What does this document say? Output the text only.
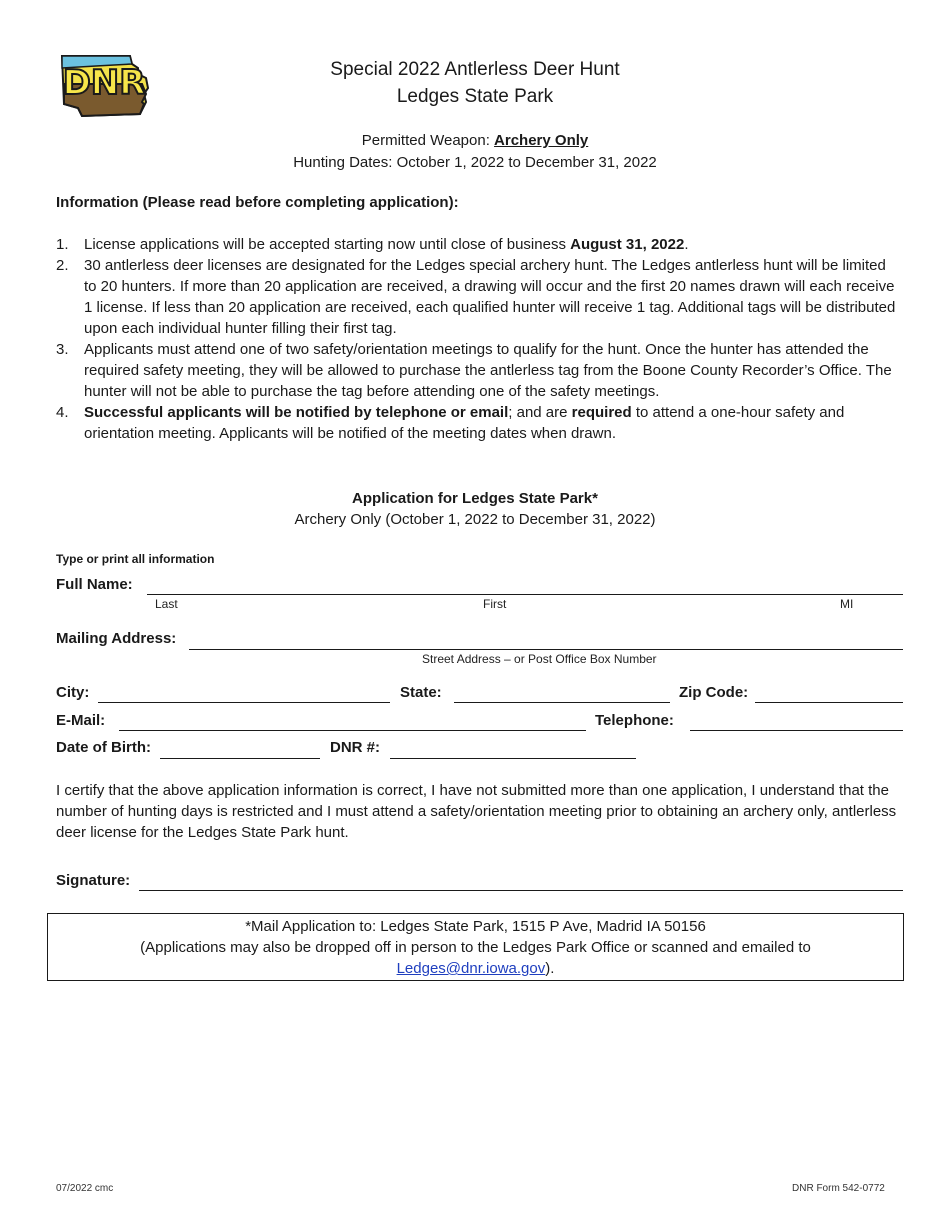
DNR	Special 2022 Antlerless Deer Hunt
Ledges State Park
Permitted Weapon: Archery Only
Hunting Dates: October 1, 2022 to December 31, 2022
Information (Please read before completing application):
1. License applications will be accepted starting now until close of business August 31, 2022.
2. 30 antlerless deer licenses are designated for the Ledges special archery hunt. The Ledges antlerless hunt will be limited to 20 hunters. If more than 20 application are received, a drawing will occur and the first 20 names drawn will each receive 1 license. If less than 20 application are received, each qualified hunter will receive 1 tag. Additional tags will be distributed upon each individual hunter filling their first tag.
3. Applicants must attend one of two safety/orientation meetings to qualify for the hunt. Once the hunter has attended the required safety meeting, they will be allowed to purchase the antlerless tag from the Boone County Recorder’s Office. The hunter will not be able to purchase the tag before attending one of the safety meetings.
4. Successful applicants will be notified by telephone or email; and are required to attend a one-hour safety and orientation meeting. Applicants will be notified of the meeting dates when drawn.
Application for Ledges State Park*
Archery Only (October 1, 2022 to December 31, 2022)
Type or print all information
Full Name:
Last	First	MI
Mailing Address:
Street Address – or Post Office Box Number
City:	State:	Zip Code:
E-Mail:	Telephone:
Date of Birth:	DNR #:
I certify that the above application information is correct, I have not submitted more than one application, I understand that the number of hunting days is restricted and I must attend a safety/orientation meeting prior to obtaining an archery only, antlerless deer license for the Ledges State Park hunt.
Signature:
*Mail Application to: Ledges State Park, 1515 P Ave, Madrid IA 50156
(Applications may also be dropped off in person to the Ledges Park Office or scanned and emailed to
Ledges@dnr.iowa.gov).
07/2022 cmc	DNR Form 542-0772
